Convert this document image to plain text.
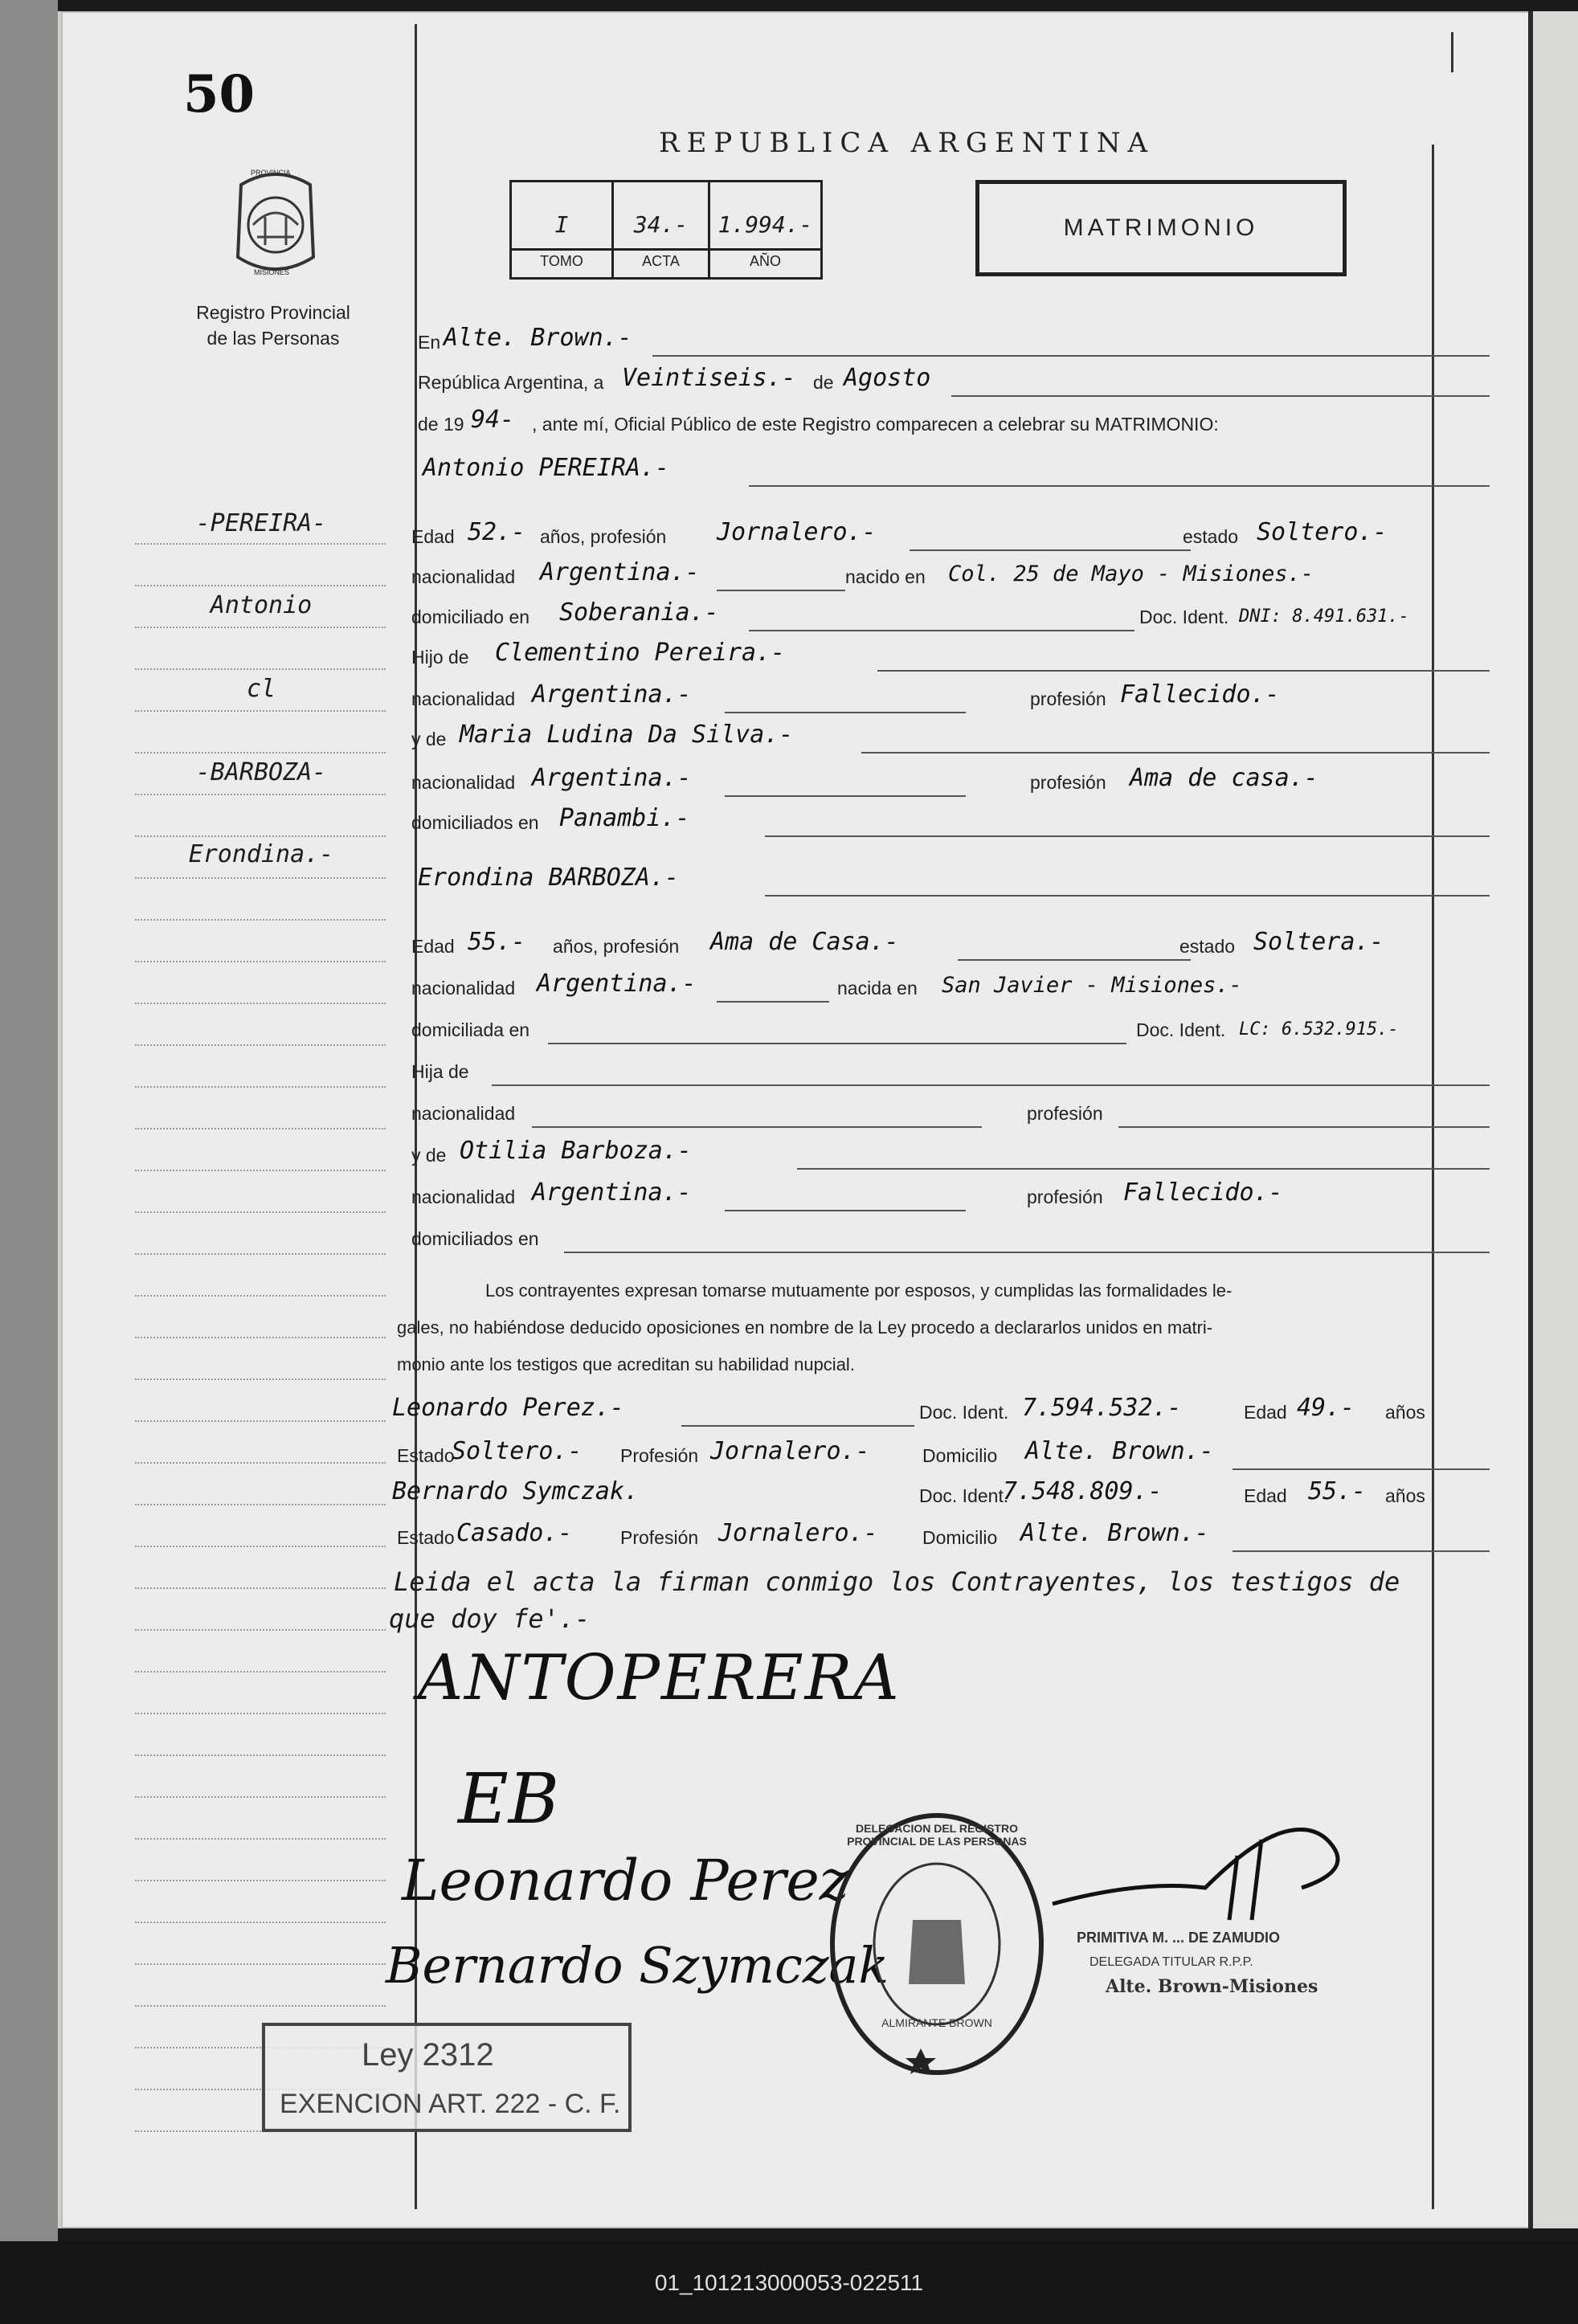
50
PROVINCIA
MISIONES
Registro Provincial
de las Personas
REPUBLICA ARGENTINA
I	34.-	1.994.-
TOMO	ACTA	AÑO
MATRIMONIO
-PEREIRA-
Antonio
cl
-BARBOZA-
Erondina.-
En Alte. Brown.-
República Argentina, a Veintiseis.- de Agosto
de 19 94- , ante mí, Oficial Público de este Registro comparecen a celebrar su MATRIMONIO:
Antonio PEREIRA.-
Edad 52.- años, profesión Jornalero.-	estado Soltero.-
nacionalidad Argentina.-	nacido en Col. 25 de Mayo - Misiones.-
domiciliado en Soberania.-	Doc. Ident. DNI: 8.491.631.-
Hijo de Clementino Pereira.-
nacionalidad Argentina.-	profesión Fallecido.-
y de Maria Ludina Da Silva.-
nacionalidad Argentina.-	profesión Ama de casa.-
domiciliados en Panambi.-
Erondina BARBOZA.-
Edad 55.- años, profesión Ama de Casa.-	estado Soltera.-
nacionalidad Argentina.-	nacida en San Javier - Misiones.-
domiciliada en	Doc. Ident. LC: 6.532.915.-
Hija de
nacionalidad	profesión
y de Otilia Barboza.-
nacionalidad Argentina.-	profesión Fallecido.-
domiciliados en
Los contrayentes expresan tomarse mutuamente por esposos, y cumplidas las formalidades le-
gales, no habiéndose deducido oposiciones en nombre de la Ley procedo a declararlos unidos en matri-
monio ante los testigos que acreditan su habilidad nupcial.
Leonardo Perez.-	Doc. Ident. 7.594.532.-	Edad 49.- años
Estado
Soltero.- Profesión Jornalero.-	Domicilio Alte. Brown.-
Bernardo Symczak.	Doc. Ident.
7.548.809.-	Edad 55.- años
Estado Casado.-	Profesión Jornalero.- Domicilio Alte. Brown.-
Leida el acta la firman conmigo los Contrayentes, los testigos de
que doy fe'.-
ANTOPERERA
EB
Leonardo Perez
Bernardo Szymczak
DELEGACION DEL REGISTRO PROVINCIAL DE LAS PERSONAS
ALMIRANTE BROWN
PRIMITIVA M. ... DE ZAMUDIO
DELEGADA TITULAR R.P.P.
Alte. Brown-Misiones
Ley 2312
EXENCION ART. 222 - C. F.
01_101213000053-022511
